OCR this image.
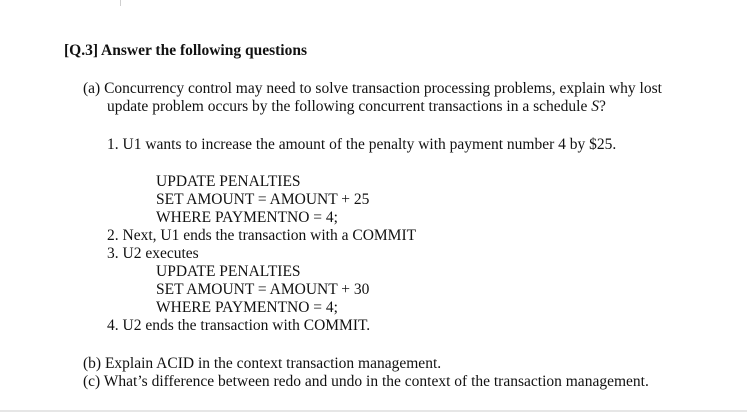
[Q.3] Answer the following questions
(a) Concurrency control may need to solve transaction processing problems, explain why lost
update problem occurs by the following concurrent transactions in a schedule S?
1. U1 wants to increase the amount of the penalty with payment number 4 by $25.
UPDATE PENALTIES
SET AMOUNT = AMOUNT + 25
WHERE PAYMENTNO = 4;
2. Next, U1 ends the transaction with a COMMIT
3. U2 executes
UPDATE PENALTIES
SET AMOUNT = AMOUNT + 30
WHERE PAYMENTNO = 4;
4. U2 ends the transaction with COMMIT.
(b) Explain ACID in the context transaction management.
(c) What’s difference between redo and undo in the context of the transaction management.
